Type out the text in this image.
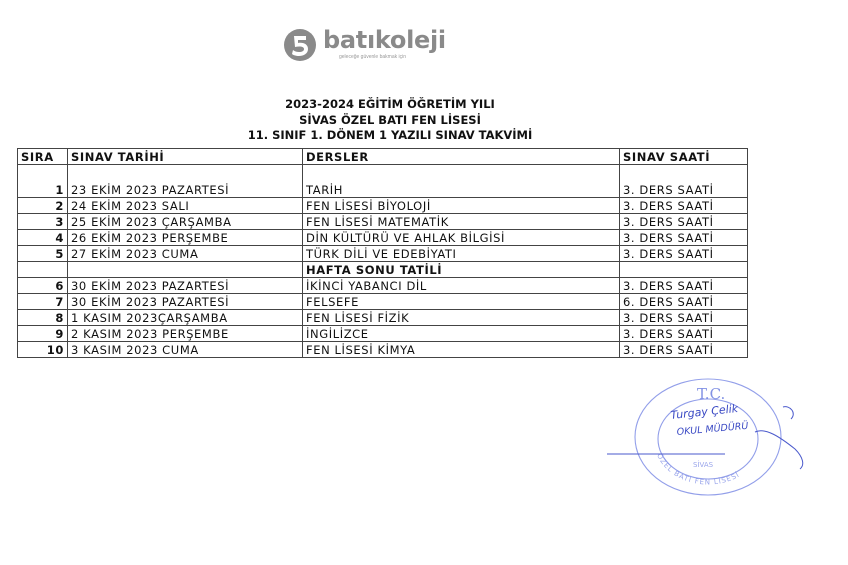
batıkoleji
geleceğe güvenle bakmak için
2023-2024 EĞİTİM ÖĞRETİM YILI
SİVAS ÖZEL BATI FEN LİSESİ
11. SINIF 1. DÖNEM 1 YAZILI SINAV TAKVİMİ
SIRA	SINAV TARİHİ	DERSLER	SINAV SAATİ

1	23 EKİM 2023 PAZARTESİ	TARİH	3. DERS SAATİ
2	24 EKİM 2023 SALI	FEN LİSESİ BİYOLOJİ	3. DERS SAATİ
3	25 EKİM 2023 ÇARŞAMBA	FEN LİSESİ MATEMATİK	3. DERS SAATİ
4	26 EKİM 2023 PERŞEMBE	DİN KÜLTÜRÜ VE AHLAK BİLGİSİ	3. DERS SAATİ
5	27 EKİM 2023 CUMA	TÜRK DİLİ VE EDEBİYATI	3. DERS SAATİ
		HAFTA SONU TATİLİ	
6	30 EKİM 2023 PAZARTESİ	İKİNCİ YABANCI DİL	3. DERS SAATİ
7	30 EKİM 2023 PAZARTESİ	FELSEFE	6. DERS SAATİ
8	1 KASIM 2023ÇARŞAMBA	FEN LİSESİ FİZİK	3. DERS SAATİ
9	2 KASIM 2023 PERŞEMBE	İNGİLİZCE	3. DERS SAATİ
10	3 KASIM 2023 CUMA	FEN LİSESİ KİMYA	3. DERS SAATİ
T.C.
ÖZEL BATI FEN LİSESİ
SİVAS
Turgay Çelik
OKUL MÜDÜRÜ
